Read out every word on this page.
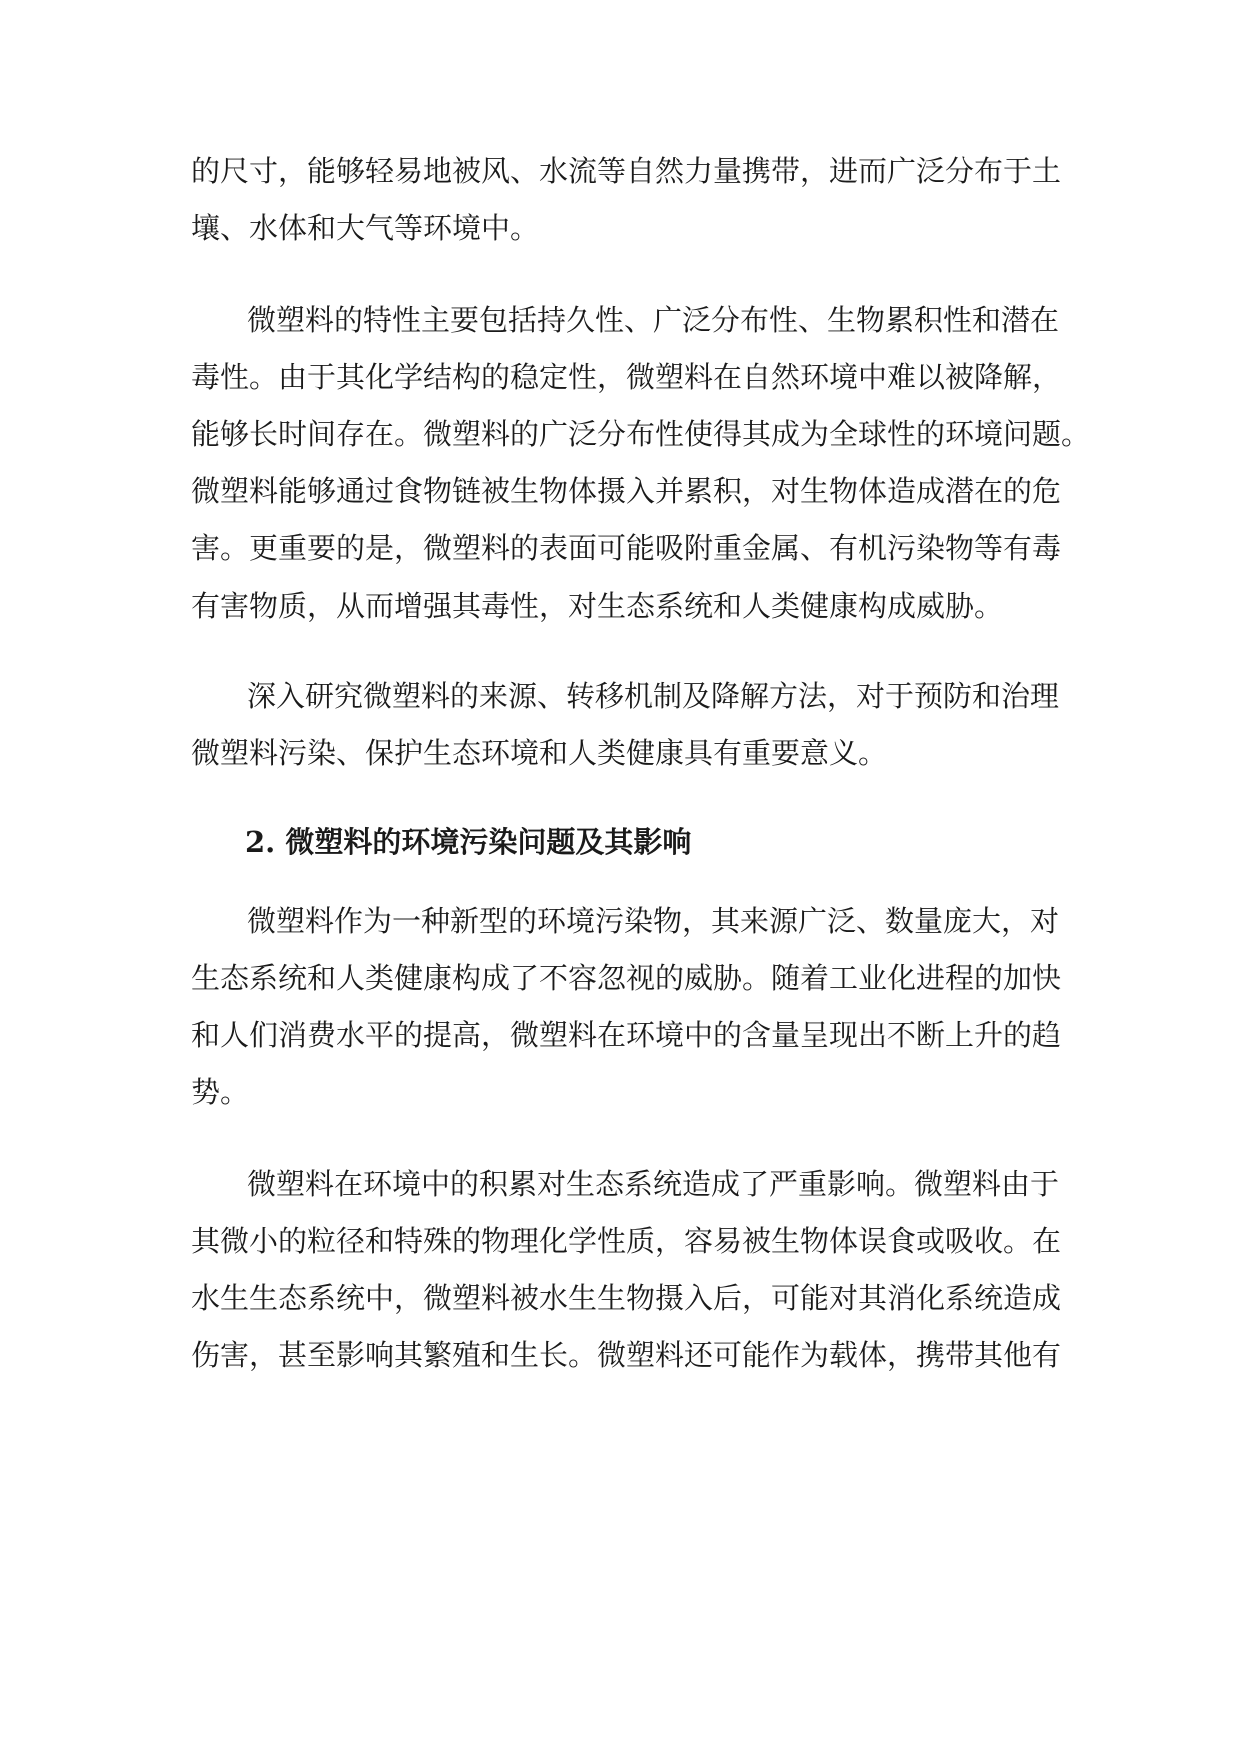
的尺寸，能够轻易地被风、水流等自然力量携带，进而广泛分布于土
壤、水体和大气等环境中。
微塑料的特性主要包括持久性、广泛分布性、生物累积性和潜在
毒性。由于其化学结构的稳定性，微塑料在自然环境中难以被降解，
能够长时间存在。微塑料的广泛分布性使得其成为全球性的环境问题。
微塑料能够通过食物链被生物体摄入并累积，对生物体造成潜在的危
害。更重要的是，微塑料的表面可能吸附重金属、有机污染物等有毒
有害物质，从而增强其毒性，对生态系统和人类健康构成威胁。
深入研究微塑料的来源、转移机制及降解方法，对于预防和治理
微塑料污染、保护生态环境和人类健康具有重要意义。
2. 微塑料的环境污染问题及其影响
微塑料作为一种新型的环境污染物，其来源广泛、数量庞大，对
生态系统和人类健康构成了不容忽视的威胁。随着工业化进程的加快
和人们消费水平的提高，微塑料在环境中的含量呈现出不断上升的趋
势。
微塑料在环境中的积累对生态系统造成了严重影响。微塑料由于
其微小的粒径和特殊的物理化学性质，容易被生物体误食或吸收。在
水生生态系统中，微塑料被水生生物摄入后，可能对其消化系统造成
伤害，甚至影响其繁殖和生长。微塑料还可能作为载体，携带其他有
